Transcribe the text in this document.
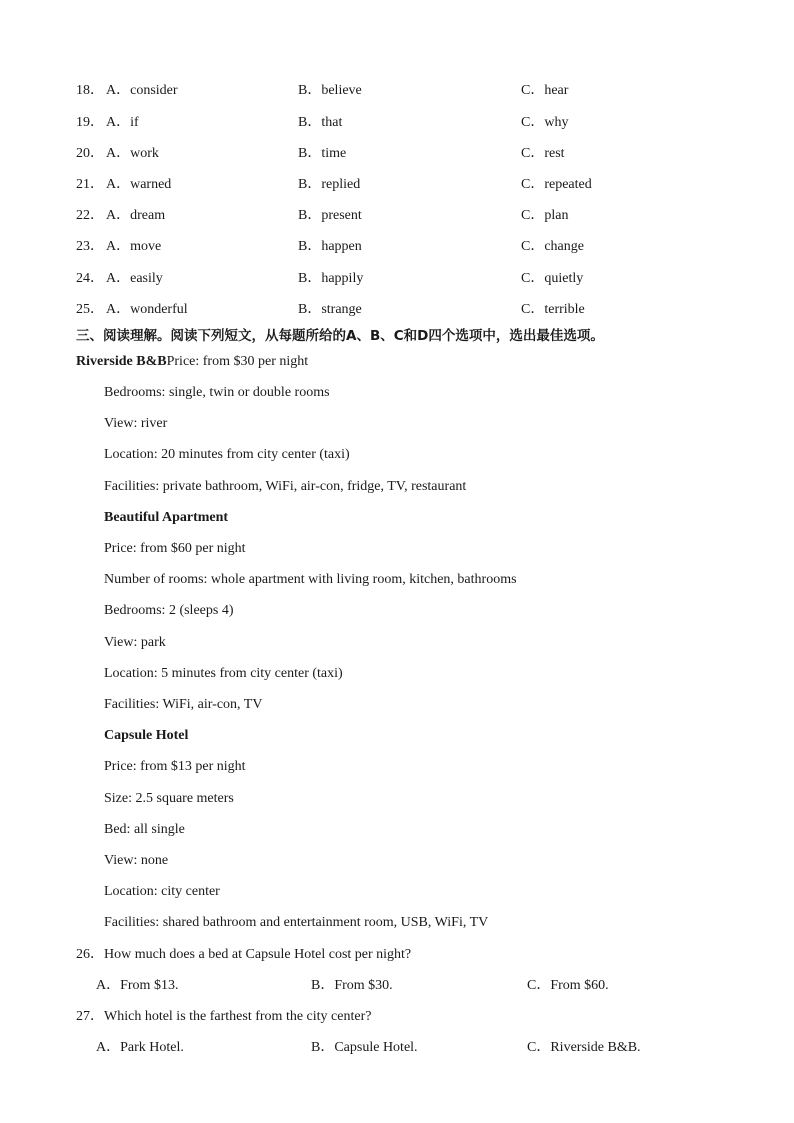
18． A．consider	B．believe	C．hear
19． A．if	B．that	C．why
20． A．work	B．time	C．rest
21． A．warned	B．replied	C．repeated
22． A．dream	B．present	C．plan
23． A．move	B．happen	C．change
24． A．easily	B．happily	C．quietly
25． A．wonderful	B．strange	C．terrible
三、阅读理解。阅读下列短文，从每题所给的A、B、C和D四个选项中，选出最佳选项。
Riverside B&BPrice: from $30 per night
Bedrooms: single, twin or double rooms
View: river
Location: 20 minutes from city center (taxi)
Facilities: private bathroom, WiFi, air-con, fridge, TV, restaurant
Beautiful Apartment
Price: from $60 per night
Number of rooms: whole apartment with living room, kitchen, bathrooms
Bedrooms: 2 (sleeps 4)
View: park
Location: 5 minutes from city center (taxi)
Facilities: WiFi, air-con, TV
Capsule Hotel
Price: from $13 per night
Size: 2.5 square meters
Bed: all single
View: none
Location: city center
Facilities: shared bathroom and entertainment room, USB, WiFi, TV
26．How much does a bed at Capsule Hotel cost per night?
A．From $13.	B．From $30.	C．From $60.
27．Which hotel is the farthest from the city center?
A．Park Hotel.	B．Capsule Hotel.	C．Riverside B&B.
